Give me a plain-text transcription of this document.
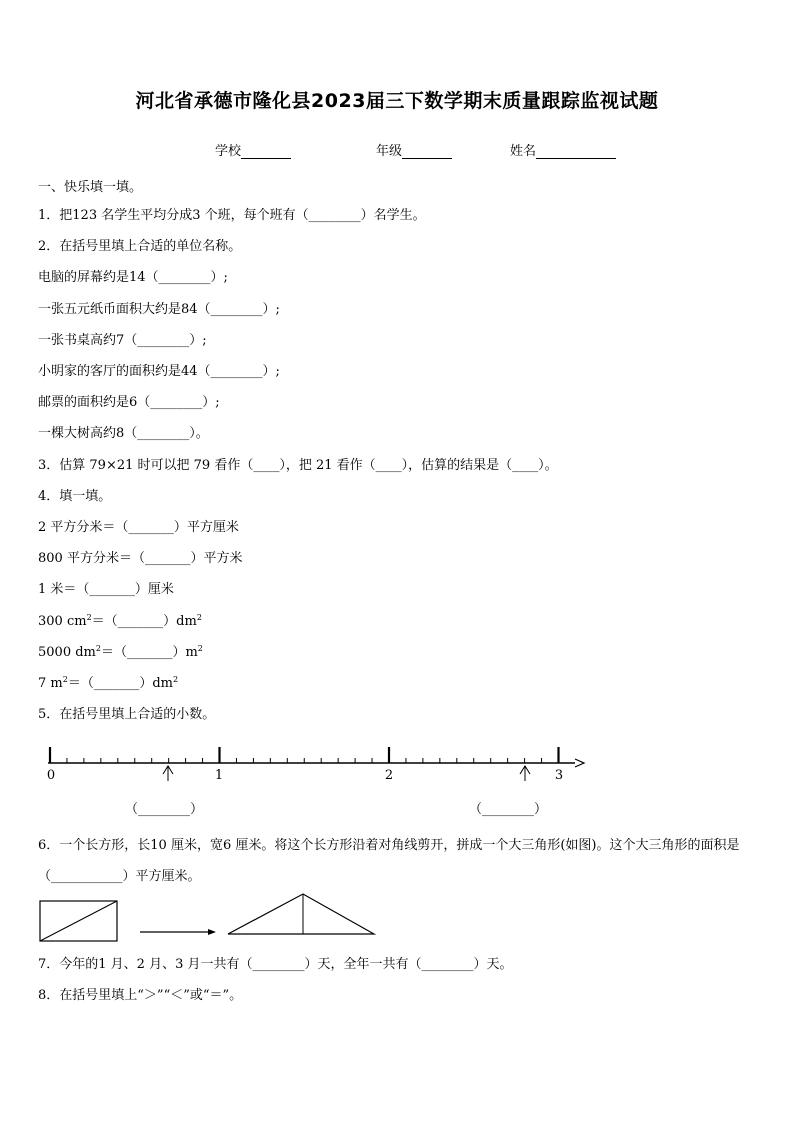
河北省承德市隆化县2023届三下数学期末质量跟踪监视试题
学校	年级	姓名
一、快乐填一填。
1．把123 名学生平均分成3 个班，每个班有（________）名学生。
2．在括号里填上合适的单位名称。
电脑的屏幕约是14（________）;
一张五元纸币面积大约是84（________）;
一张书桌高约7（________）;
小明家的客厅的面积约是44（________）;
邮票的面积约是6（________）;
一棵大树高约8（________）。
3．估算 79×21 时可以把 79 看作（____），把 21 看作（____），估算的结果是（____）。
4．填一填。
2 平方分米＝（_______）平方厘米
800 平方分米＝（_______）平方米
1 米＝（_______）厘米
300 $cm^2=(\_\_\_\_\_\_\_)dm^2$
5000 $dm^2=(\_\_\_\_\_\_\_)m^2$
7 $m^2=(\_\_\_\_\_\_\_)dm^2$
5．在括号里填上合适的小数。
0	1	2	3
（________）	（________）
6．一个长方形，长10 厘米，宽6 厘米。将这个长方形沿着对角线剪开，拼成一个大三角形(如图)。这个大三角形的面积是（___________）平方厘米。
7．今年的1 月、2 月、3 月一共有（________）天，全年一共有（________）天。
8．在括号里填上“＞”“＜”或“＝”。
